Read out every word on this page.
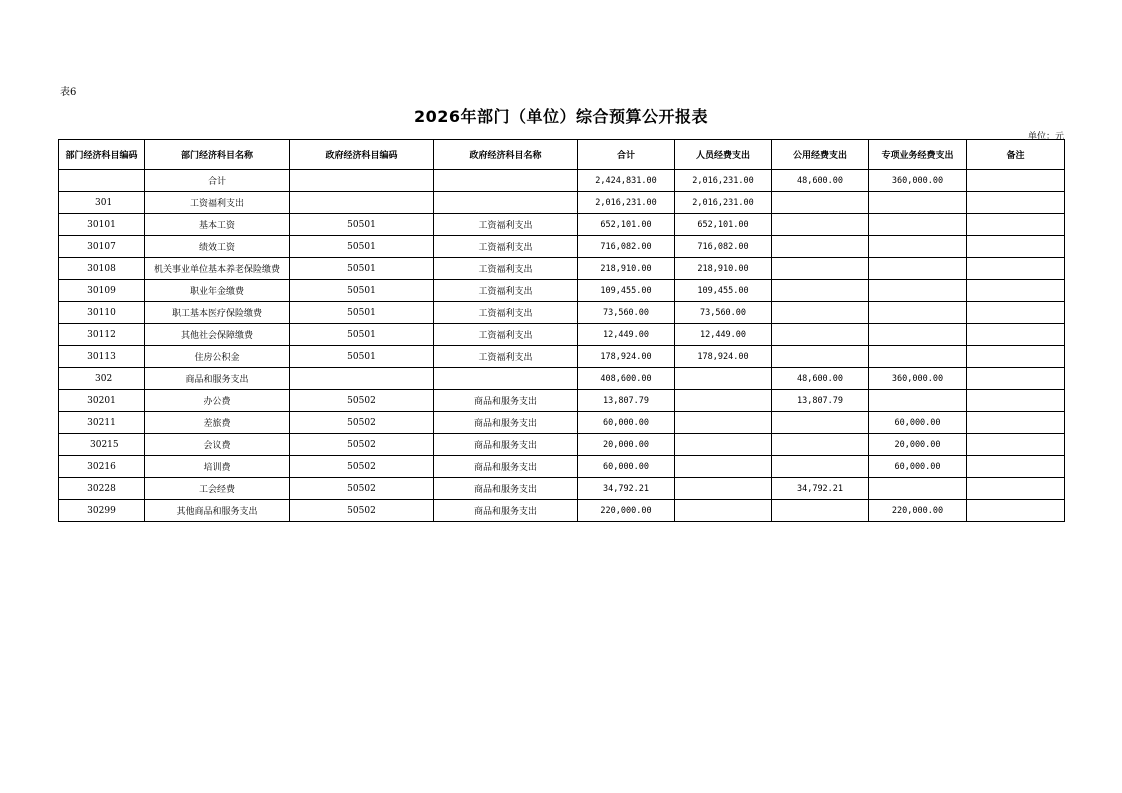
表6
2026年部门（单位）综合预算公开报表
单位：元
部门经济科目编码	部门经济科目名称	政府经济科目编码	政府经济科目名称	合计	人员经费支出	公用经费支出	专项业务经费支出	备注
	合计			2,424,831.00	2,016,231.00	48,600.00	360,000.00	
301	工资福利支出			2,016,231.00	2,016,231.00			
30101	基本工资	50501	工资福利支出	652,101.00	652,101.00			
30107	绩效工资	50501	工资福利支出	716,082.00	716,082.00			
30108	机关事业单位基本养老保险缴费	50501	工资福利支出	218,910.00	218,910.00			
30109	职业年金缴费	50501	工资福利支出	109,455.00	109,455.00			
30110	职工基本医疗保险缴费	50501	工资福利支出	73,560.00	73,560.00			
30112	其他社会保障缴费	50501	工资福利支出	12,449.00	12,449.00			
30113	住房公积金	50501	工资福利支出	178,924.00	178,924.00			
302	商品和服务支出			408,600.00		48,600.00	360,000.00	
30201	办公费	50502	商品和服务支出	13,807.79		13,807.79		
30211	差旅费	50502	商品和服务支出	60,000.00			60,000.00	
30215	会议费	50502	商品和服务支出	20,000.00			20,000.00	
30216	培训费	50502	商品和服务支出	60,000.00			60,000.00	
30228	工会经费	50502	商品和服务支出	34,792.21		34,792.21		
30299	其他商品和服务支出	50502	商品和服务支出	220,000.00			220,000.00	
